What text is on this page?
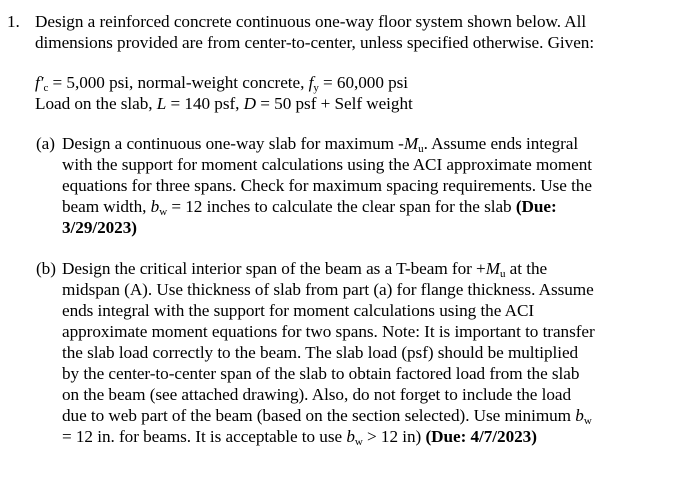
1. Design a reinforced concrete continuous one-way floor system shown below. All
dimensions provided are from center-to-center, unless specified otherwise. Given:
$f'_c = 5,000$ psi, normal-weight concrete, $f_y = 60,000$ psi
Load on the slab, L = 140 psf, D = 50 psf + Self weight
(a) Design a continuous one-way slab for maximum $-M_u$. Assume ends integral
with the support for moment calculations using the ACI approximate moment
equations for three spans. Check for maximum spacing requirements. Use the
beam width, $b_w = 12$ inches to calculate the clear span for the slab (Due:
3/29/2023)
(b) Design the critical interior span of the beam as a T-beam for $+M_u$ at the
midspan (A). Use thickness of slab from part (a) for flange thickness. Assume
ends integral with the support for moment calculations using the ACI
approximate moment equations for two spans. Note: It is important to transfer
the slab load correctly to the beam. The slab load (psf) should be multiplied
by the center-to-center span of the slab to obtain factored load from the slab
on the beam (see attached drawing). Also, do not forget to include the load
due to web part of the beam (based on the section selected). Use minimum $b_w$
= 12 in. for beams. It is acceptable to use $b_w > 12$ in) (Due: 4/7/2023)
